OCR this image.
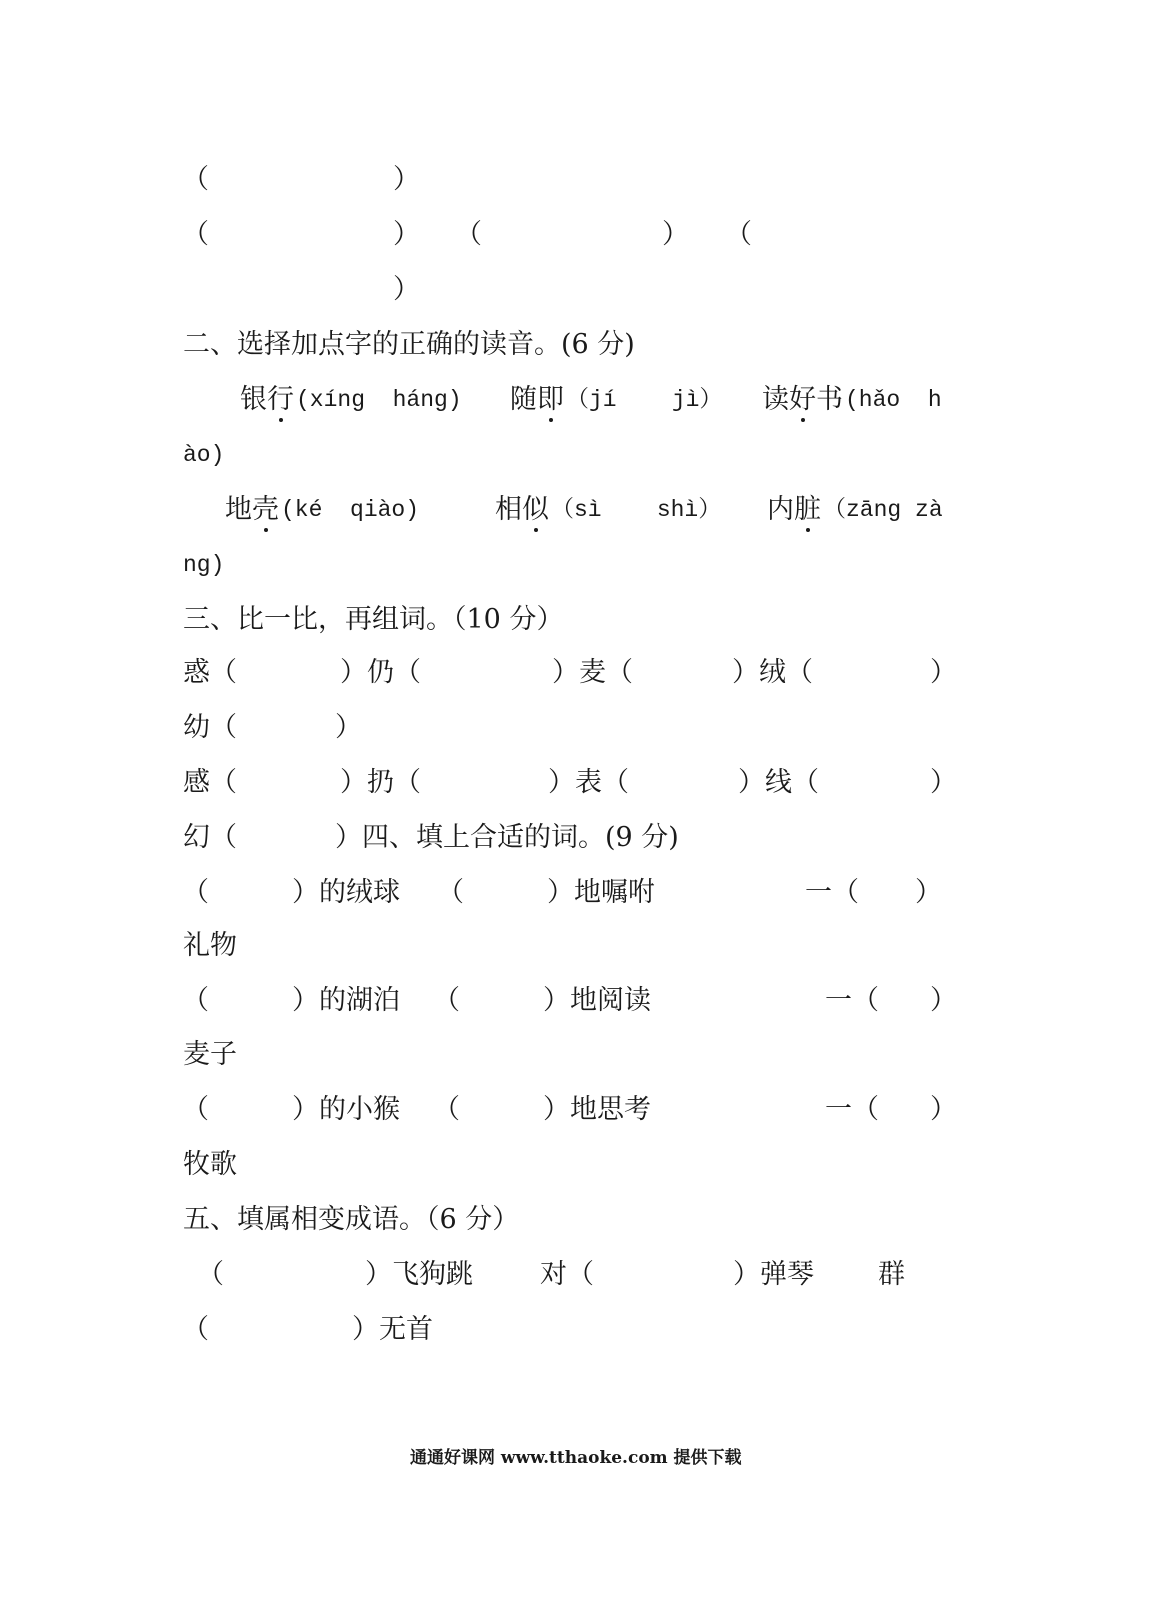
（	）
（	） （	） （
）
二、选择加点字的正确的读音。(6 分)
银行 (xíng  háng) 随即 （jí    jì） 读好书 (hǎo  h
ào)
地壳 (ké  qiào)	相似 （sì    shì） 内脏 （zāng zà
ng)
三、比一比，再组词。（10 分）
惑（	）仍（	）麦（	）绒（	）
幼（	）
感（	）扔（	）表（	）线（	）
幻（	） 四、填上合适的词。(9 分)
（	）的绒球 （	）地嘱咐	一（ ）
礼物
（	）的湖泊 （	）地阅读	一（ ）
麦子
（	）的小猴 （	）地思考	一（ ）
牧歌
五、填属相变成语。（6 分）
（	）飞狗跳 对（	）弹琴 群
（	）无首
通通好课网 www.tthaoke.com 提供下载
